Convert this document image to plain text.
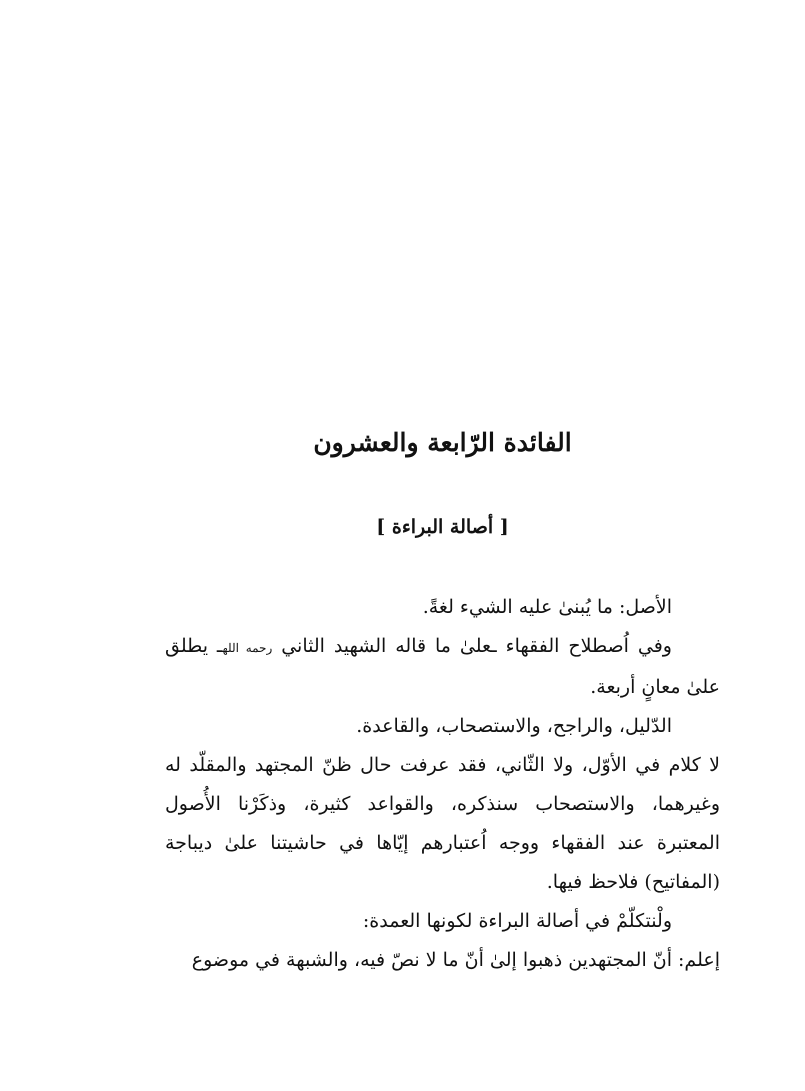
الفائدة الرّابعة والعشرون
[ أصالة البراءة ]

الأصل: ما يُبنىٰ عليه الشيء لغةً.

وفي اُصطلاح الفقهاء ـعلىٰ ما قاله الشهيد الثاني رحمه اللهـ يطلق علىٰ معانٍ أربعة.

الدّليل، والراجح، والاستصحاب، والقاعدة.

لا كلام في الأوّل، ولا الثّاني، فقد عرفت حال ظنّ المجتهد والمقلّد له وغيرهما، والاستصحاب سنذكره، والقواعد كثيرة، وذكَرْنا الأُصول المعتبرة عند الفقهاء ووجه اُعتبارهم إيّاها في حاشيتنا علىٰ ديباجة (المفاتيح) فلاحظ فيها.

ولْنتكلّمْ في أصالة البراءة لكونها العمدة:

إعلم: أنّ المجتهدين ذهبوا إلىٰ أنّ ما لا نصّ فيه، والشبهة في موضوع
